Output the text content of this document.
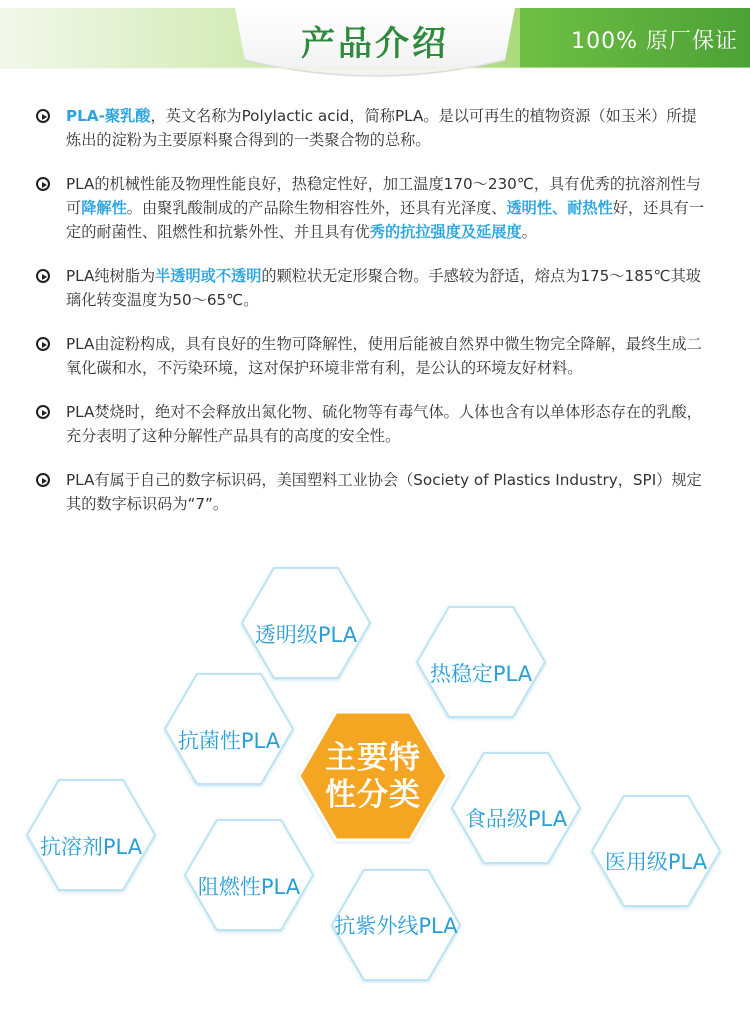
产品介绍	100% 原厂保证
PLA-聚乳酸，英文名称为Polylactic acid，简称PLA。是以可再生的植物资源（如玉米）所提炼出的淀粉为主要原料聚合得到的一类聚合物的总称。
PLA的机械性能及物理性能良好，热稳定性好，加工温度170～230℃，具有优秀的抗溶剂性与可降解性。由聚乳酸制成的产品除生物相容性外，还具有光泽度、透明性、耐热性好，还具有一定的耐菌性、阻燃性和抗紫外性、并且具有优秀的抗拉强度及延展度。
PLA纯树脂为半透明或不透明的颗粒状无定形聚合物。手感较为舒适，熔点为175～185℃其玻璃化转变温度为50～65℃。
PLA由淀粉构成，具有良好的生物可降解性，使用后能被自然界中微生物完全降解，最终生成二氧化碳和水，不污染环境，这对保护环境非常有利，是公认的环境友好材料。
PLA焚烧时，绝对不会释放出氮化物、硫化物等有毒气体。人体也含有以单体形态存在的乳酸，充分表明了这种分解性产品具有的高度的安全性。
PLA有属于自己的数字标识码，美国塑料工业协会（Society of Plastics Industry，SPI）规定其的数字标识码为“7”。
透明级PLA
热稳定PLA
抗菌性PLA
食品级PLA
抗溶剂PLA
医用级PLA
阻燃性PLA
抗紫外线PLA
主要特
性分类
